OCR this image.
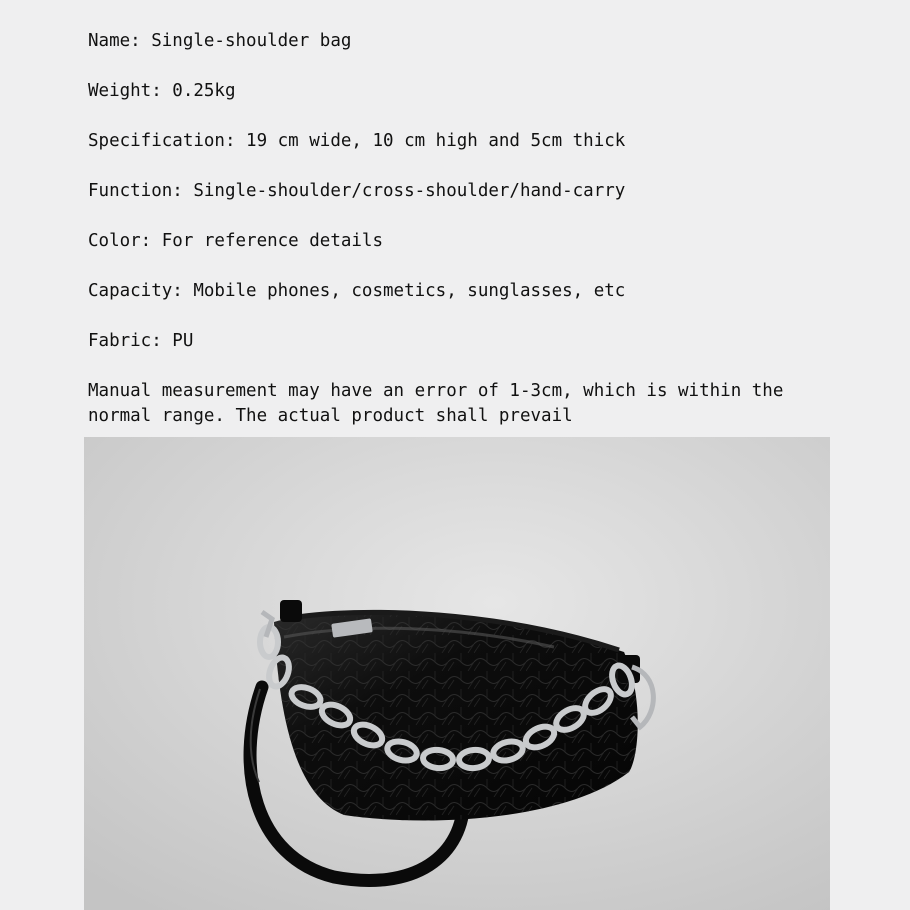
Name: Single-shoulder bag
Weight: 0.25kg
Specification: 19 cm wide, 10 cm high and 5cm thick
Function: Single-shoulder/cross-shoulder/hand-carry
Color: For reference details
Capacity: Mobile phones, cosmetics, sunglasses, etc
Fabric: PU
Manual measurement may have an error of 1-3cm, which is within the
normal range. The actual product shall prevail
